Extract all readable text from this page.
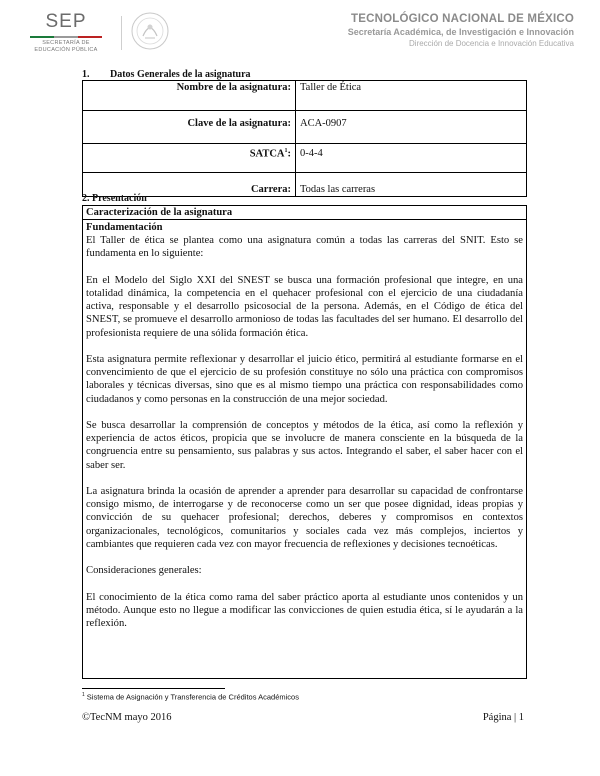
SEP
SECRETARÍA DE
EDUCACIÓN PÚBLICA
TECNOLÓGICO NACIONAL DE MÉXICO
Secretaría Académica, de Investigación e Innovación
Dirección de Docencia e Innovación Educativa
1. Datos Generales de la asignatura
Nombre de la asignatura:	Taller de Ética
Clave de la asignatura:	ACA-0907
SATCA$^1$:	0-4-4
Carrera:	Todas las carreras
2. Presentación
Caracterización de la asignatura
Fundamentación

El Taller de ética se plantea como una asignatura común a todas las carreras del SNIT. Esto se fundamenta en lo siguiente:

En el Modelo del Siglo XXI del SNEST se busca una formación profesional que integre, en una totalidad dinámica, la competencia en el quehacer profesional con el ejercicio de una ciudadanía activa, responsable y el desarrollo psicosocial de la persona. Además, en el Código de ética del SNEST, se promueve el desarrollo armonioso de todas las facultades del ser humano. El desarrollo del profesionista requiere de una sólida formación ética.

Esta asignatura permite reflexionar y desarrollar el juicio ético, permitirá al estudiante formarse en el convencimiento de que el ejercicio de su profesión constituye no sólo una práctica con compromisos laborales y técnicas diversas, sino que es al mismo tiempo una práctica con responsabilidades como ciudadanos y como personas en la construcción de una mejor sociedad.

Se busca desarrollar la comprensión de conceptos y métodos de la ética, así como la reflexión y experiencia de actos éticos, propicia que se involucre de manera consciente en la búsqueda de la congruencia entre su pensamiento, sus palabras y sus actos. Integrando el saber, el saber hacer con el saber ser.

La asignatura brinda la ocasión de aprender a aprender para desarrollar su capacidad de confrontarse consigo mismo, de interrogarse y de reconocerse como un ser que posee dignidad, ideas propias y convicción de su quehacer profesional; derechos, deberes y compromisos en contextos organizacionales, tecnológicos, comunitarios y sociales cada vez más complejos, inciertos y cambiantes que requieren cada vez con mayor frecuencia de reflexiones y decisiones tecnoéticas.

Consideraciones generales:

El conocimiento de la ética como rama del saber práctico aporta al estudiante unos contenidos y un método. Aunque esto no llegue a modificar las convicciones de quien estudia ética, sí le ayudarán a la reflexión.

$^1$ Sistema de Asignación y Transferencia de Créditos Académicos
©TecNM mayo 2016	Página | 1
